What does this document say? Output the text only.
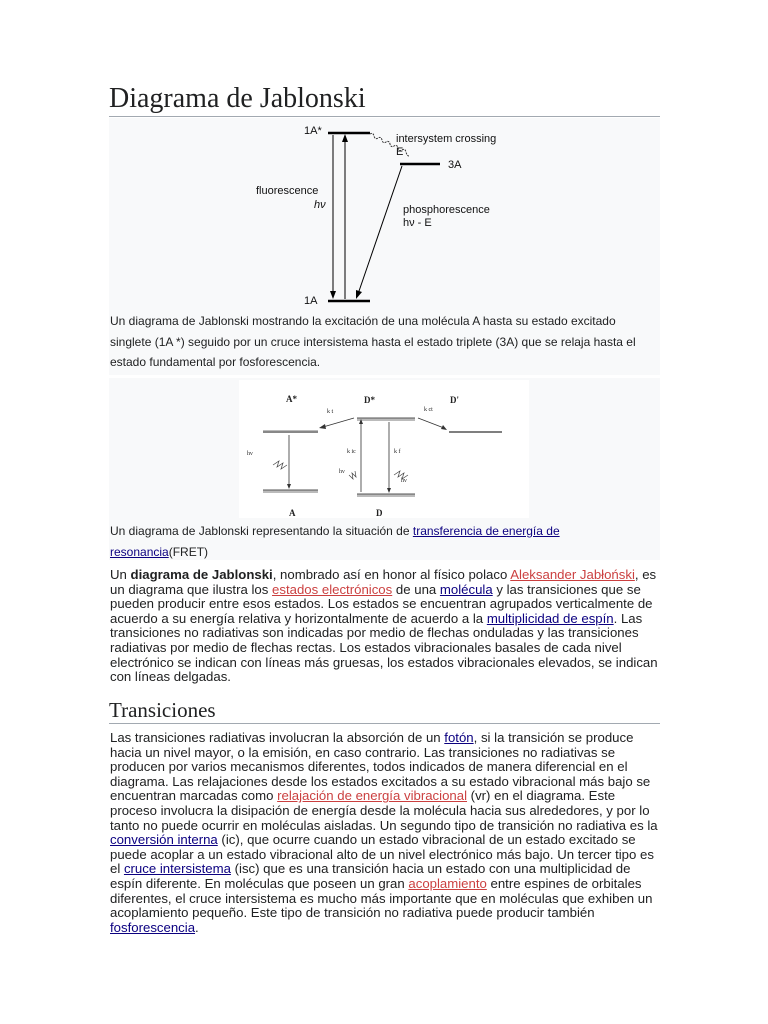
Diagrama de Jablonski
1A*
1A
3A
intersystem crossing
E
fluorescence
hν	phosphorescence
hν - E
Un diagrama de Jablonski mostrando la excitación de una molécula A hasta su estado excitado singlete (1A *) seguido por un cruce intersistema hasta el estado triplete (3A) que se relaja hasta el estado fundamental por fosforescencia.
A*	D*	D'
k t	k ct
k ic	k f
hν
hν
hν
A	D
Un diagrama de Jablonski representando la situación de transferencia de energía de resonancia(FRET)

Un diagrama de Jablonski, nombrado así en honor al físico polaco Aleksander Jabłoński, es un diagrama que ilustra los estados electrónicos de una molécula y las transiciones que se pueden producir entre esos estados. Los estados se encuentran agrupados verticalmente de acuerdo a su energía relativa y horizontalmente de acuerdo a la multiplicidad de espín. Las transiciones no radiativas son indicadas por medio de flechas onduladas y las transiciones radiativas por medio de flechas rectas. Los estados vibracionales basales de cada nivel electrónico se indican con líneas más gruesas, los estados vibracionales elevados, se indican con líneas delgadas.

Transiciones

Las transiciones radiativas involucran la absorción de un fotón, si la transición se produce hacia un nivel mayor, o la emisión, en caso contrario. Las transiciones no radiativas se producen por varios mecanismos diferentes, todos indicados de manera diferencial en el diagrama. Las relajaciones desde los estados excitados a su estado vibracional más bajo se encuentran marcadas como relajación de energía vibracional (vr) en el diagrama. Este proceso involucra la disipación de energía desde la molécula hacia sus alrededores, y por lo tanto no puede ocurrir en moléculas aisladas. Un segundo tipo de transición no radiativa es la conversión interna (ic), que ocurre cuando un estado vibracional de un estado excitado se puede acoplar a un estado vibracional alto de un nivel electrónico más bajo. Un tercer tipo es el cruce intersistema (isc) que es una transición hacia un estado con una multiplicidad de espín diferente. En moléculas que poseen un gran acoplamiento entre espines de orbitales diferentes, el cruce intersistema es mucho más importante que en moléculas que exhiben un acoplamiento pequeño. Este tipo de transición no radiativa puede producir también fosforescencia.
